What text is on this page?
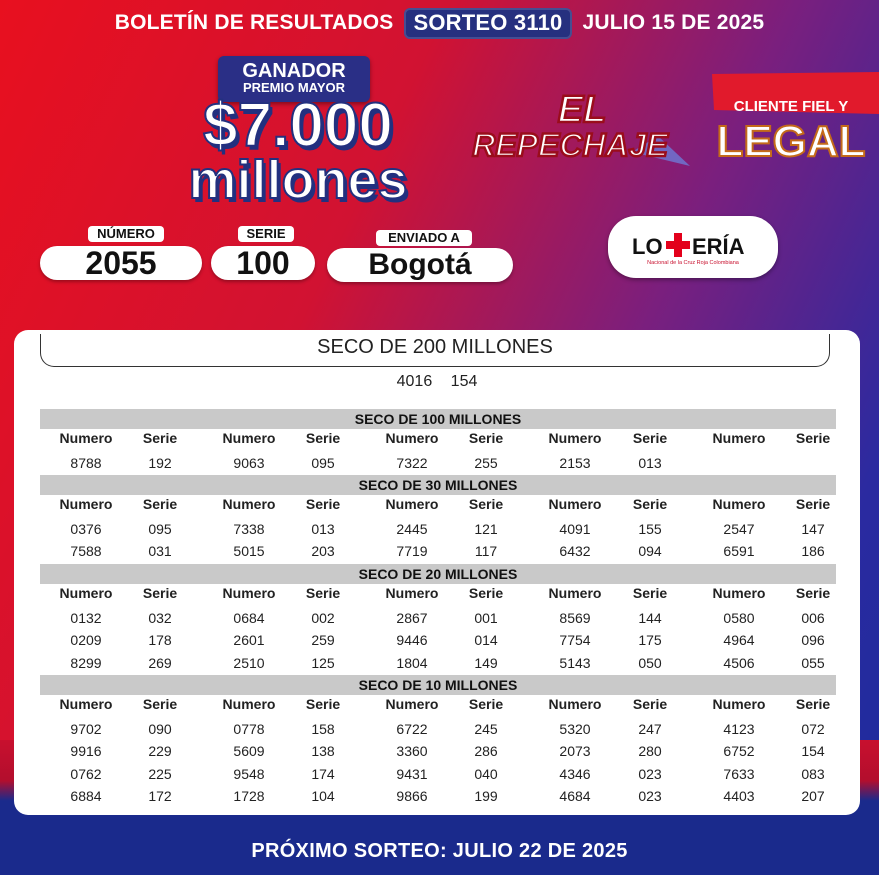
BOLETÍN DE RESULTADOS SORTEO 3110 JULIO 15 DE 2025
GANADOR
PREMIO MAYOR
$7.000
millones
EL
REPECHAJE
CLIENTE FIEL Y
LEGAL
NÚMERO
2055
SERIE
100
ENVIADO A
Bogotá
LO ERÍA
Nacional de la Cruz Roja Colombiana
SECO DE 200 MILLONES
4016 154
SECO DE 100 MILLONES
Numero	Serie	Numero	Serie	Numero	Serie	Numero	Serie	Numero	Serie
8788	192	9063	095	7322	255	2153	013
SECO DE 30 MILLONES
Numero	Serie	Numero	Serie	Numero	Serie	Numero	Serie	Numero	Serie
0376	095	7338	013	2445	121	4091	155	2547	147
7588	031	5015	203	7719	117	6432	094	6591	186
SECO DE 20 MILLONES
Numero	Serie	Numero	Serie	Numero	Serie	Numero	Serie	Numero	Serie
0132	032	0684	002	2867	001	8569	144	0580	006
0209	178	2601	259	9446	014	7754	175	4964	096
8299	269	2510	125	1804	149	5143	050	4506	055
SECO DE 10 MILLONES
Numero	Serie	Numero	Serie	Numero	Serie	Numero	Serie	Numero	Serie
9702	090	0778	158	6722	245	5320	247	4123	072
9916	229	5609	138	3360	286	2073	280	6752	154
0762	225	9548	174	9431	040	4346	023	7633	083
6884	172	1728	104	9866	199	4684	023	4403	207
PRÓXIMO SORTEO: JULIO 22 DE 2025
